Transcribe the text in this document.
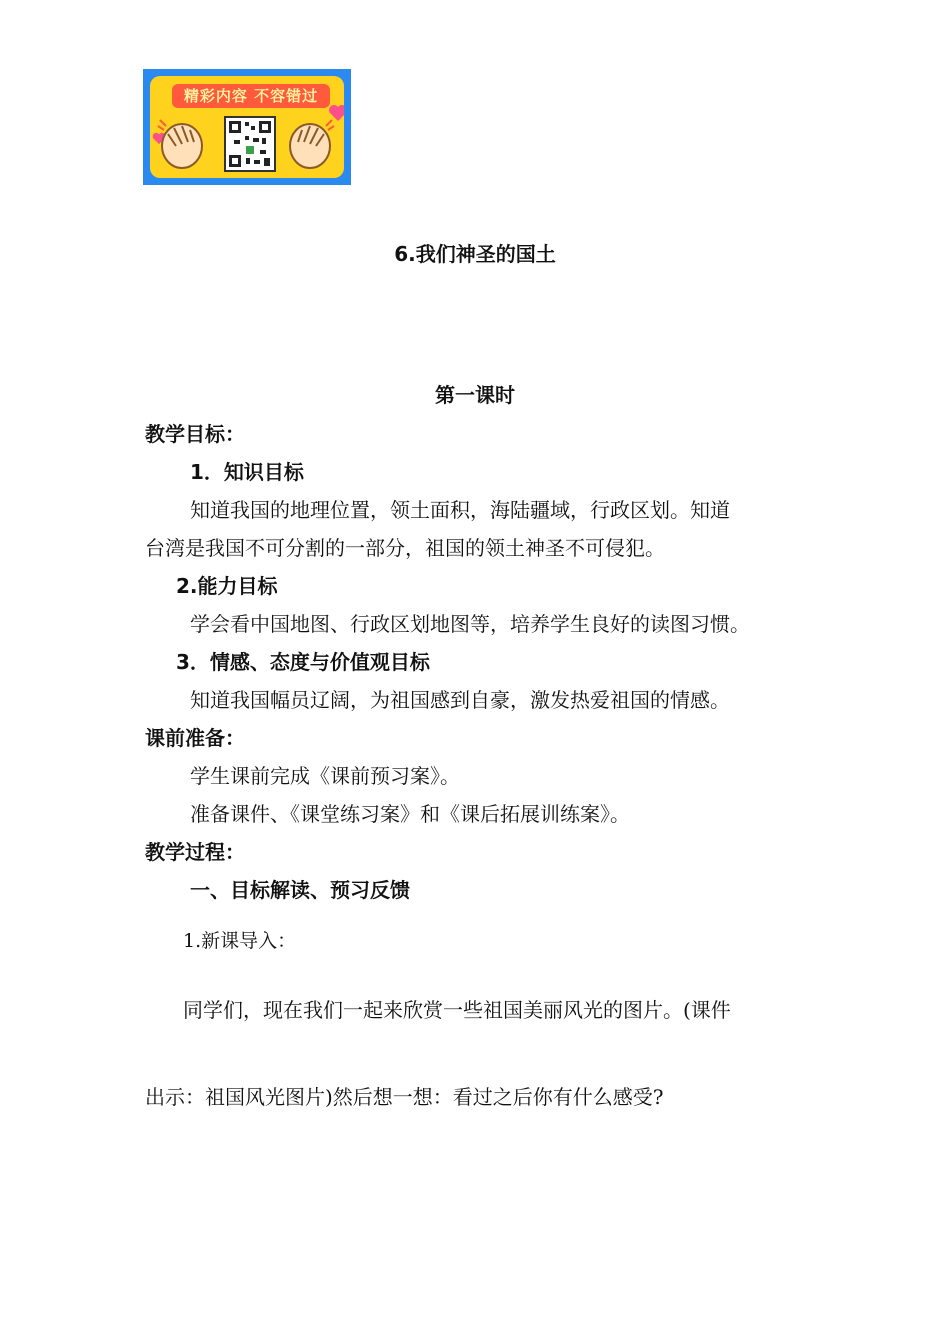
精彩内容 不容错过
6.我们神圣的国土
第一课时
教学目标：
1．知识目标
知道我国的地理位置，领土面积，海陆疆域，行政区划。知道
台湾是我国不可分割的一部分，祖国的领土神圣不可侵犯。
2.能力目标
学会看中国地图、行政区划地图等，培养学生良好的读图习惯。
3．情感、态度与价值观目标
知道我国幅员辽阔，为祖国感到自豪，激发热爱祖国的情感。
课前准备：
学生课前完成《课前预习案》。
准备课件、《课堂练习案》和《课后拓展训练案》。
教学过程：
一、目标解读、预习反馈
1.新课导入：
同学们，现在我们一起来欣赏一些祖国美丽风光的图片。(课件
出示：祖国风光图片)然后想一想：看过之后你有什么感受?
